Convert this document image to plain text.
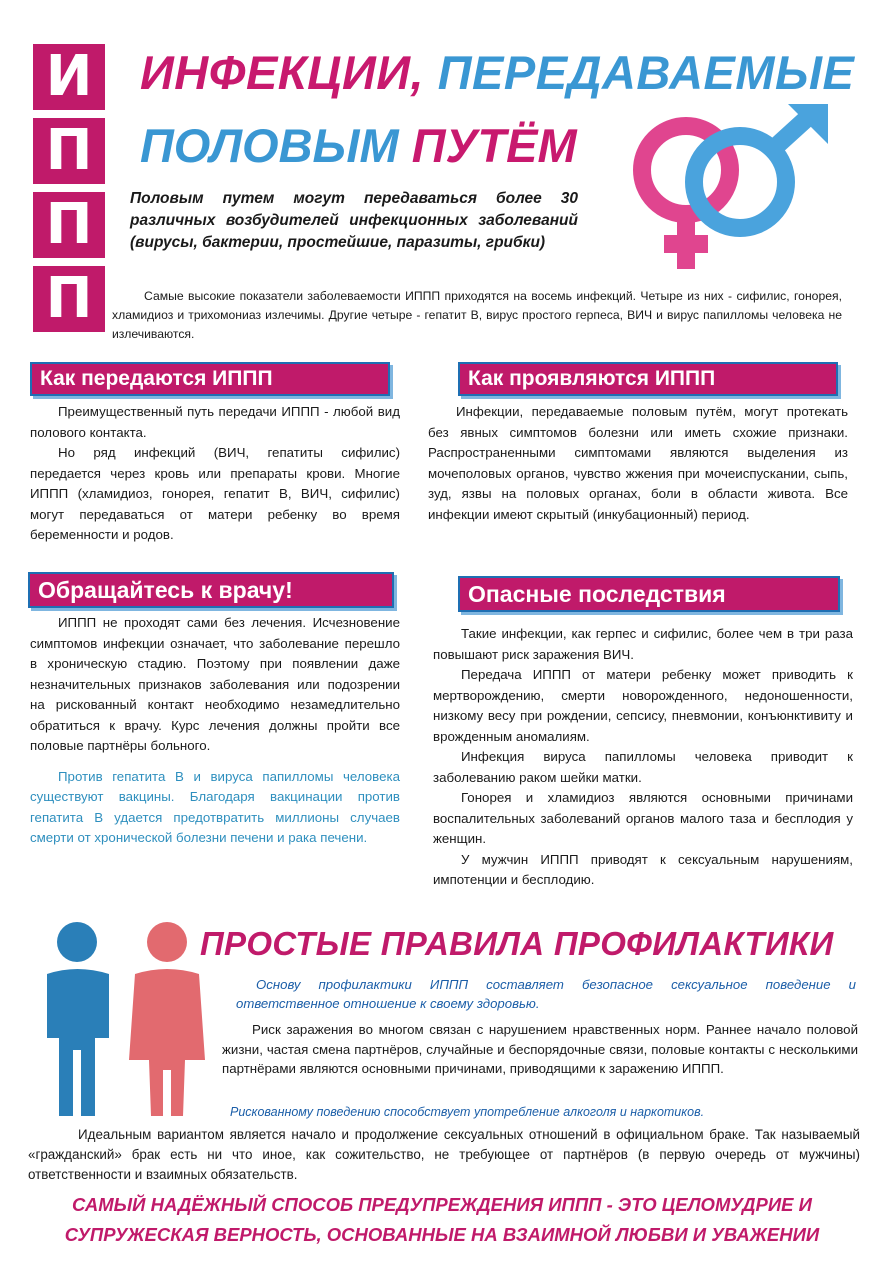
И
П
П
П
ИНФЕКЦИИ, ПЕРЕДАВАЕМЫЕ
ПОЛОВЫМ ПУТЁМ
Половым путем могут передаваться более 30 различных возбудителей инфекционных заболеваний (вирусы, бактерии, простейшие, паразиты, грибки)
Самые высокие показатели заболеваемости ИППП приходятся на восемь инфекций. Четыре из них - сифилис, гонорея, хламидиоз и трихомониаз излечимы. Другие четыре - гепатит В, вирус простого герпеса, ВИЧ и вирус папилломы человека не излечиваются.
Как передаются ИППП	Как проявляются ИППП
Обращайтесь к врачу!	Опасные последствия

Преимущественный путь передачи ИППП - любой вид полового контакта.

Но ряд инфекций (ВИЧ, гепатиты сифилис) передается через кровь или препараты крови. Многие ИППП (хламидиоз, гонорея, гепатит В, ВИЧ, сифилис) могут передаваться от матери ребенку во время беременности и родов.

Инфекции, передаваемые половым путём, могут протекать без явных симптомов болезни или иметь схожие признаки. Распространенными симптомами являются выделения из мочеполовых органов, чувство жжения при мочеиспускании, сыпь, зуд, язвы на половых органах, боли в области живота. Все инфекции имеют скрытый (инкубационный) период.

ИППП не проходят сами без лечения. Исчезновение симптомов инфекции означает, что заболевание перешло в хроническую стадию. Поэтому при появлении даже незначительных признаков заболевания или подозрении на рискованный контакт необходимо незамедлительно обратиться к врачу. Курс лечения должны пройти все половые партнёры больного.

Против гепатита В и вируса папилломы человека существуют вакцины. Благодаря вакцинации против гепатита В удается предотвратить миллионы случаев смерти от хронической болезни печени и рака печени.

Такие инфекции, как герпес и сифилис, более чем в три раза повышают риск заражения ВИЧ.

Передача ИППП от матери ребенку может приводить к мертворождению, смерти новорожденного, недоношенности, низкому весу при рождении, сепсису, пневмонии, конъюнктивиту и врожденным аномалиям.

Инфекция вируса папилломы человека приводит к заболеванию раком шейки матки.

Гонорея и хламидиоз являются основными причинами воспалительных заболеваний органов малого таза и бесплодия у женщин.

У мужчин ИППП приводят к сексуальным нарушениям, импотенции и бесплодию.

ПРОСТЫЕ ПРАВИЛА ПРОФИЛАКТИКИ
Основу профилактики ИППП составляет безопасное сексуальное поведение и ответственное отношение к своему здоровью.
Риск заражения во многом связан с нарушением нравственных норм. Раннее начало половой жизни, частая смена партнёров, случайные и беспорядочные связи, половые контакты с несколькими партнёрами являются основными причинами, приводящими к заражению ИППП.
Рискованному поведению способствует употребление алкоголя и наркотиков.
Идеальным вариантом является начало и продолжение сексуальных отношений в официальном браке. Так называемый «гражданский» брак есть ни что иное, как сожительство, не требующее от партнёров (в первую очередь от мужчины) ответственности и взаимных обязательств.
САМЫЙ НАДЁЖНЫЙ СПОСОБ ПРЕДУПРЕЖДЕНИЯ ИППП - ЭТО ЦЕЛОМУДРИЕ И СУПРУЖЕСКАЯ ВЕРНОСТЬ, ОСНОВАННЫЕ НА ВЗАИМНОЙ ЛЮБВИ И УВАЖЕНИИ
